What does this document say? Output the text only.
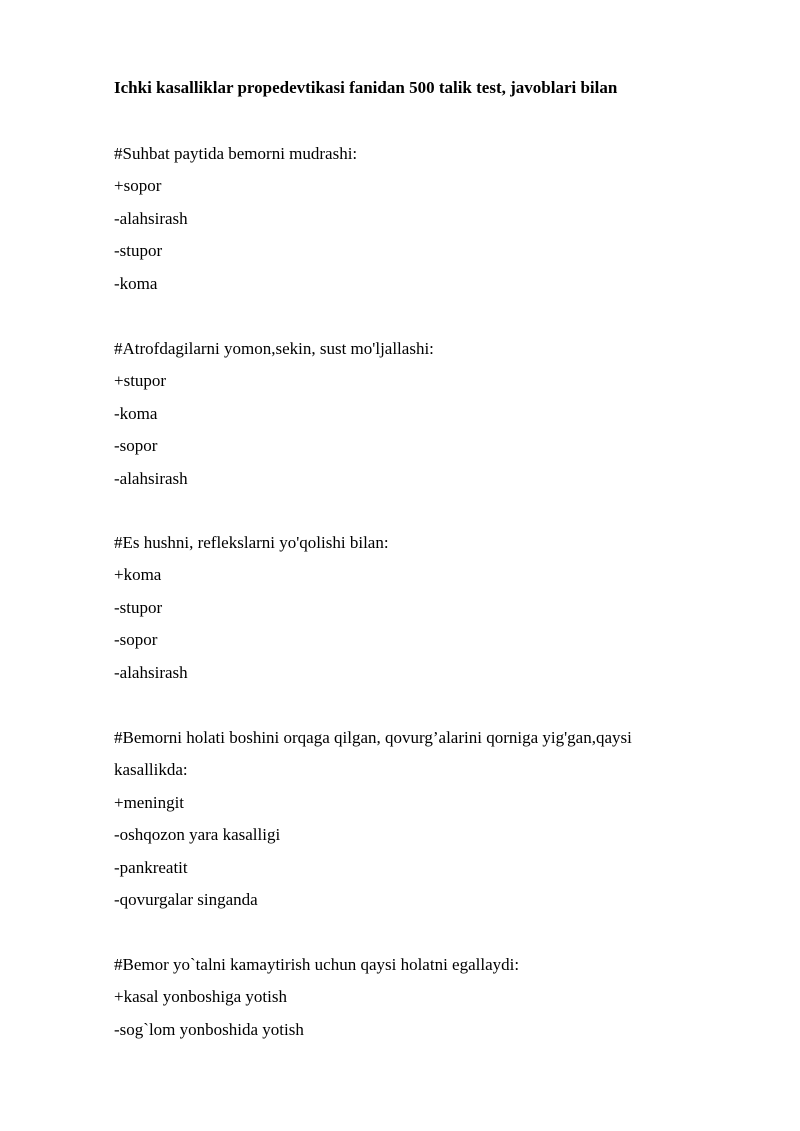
Ichki kasalliklar propedevtikasi fanidan 500 talik test, javoblari bilan
#Suhbat paytida bemorni mudrashi:
+sopor
-alahsirash
-stupor
-koma
#Atrofdagilarni yomon,sekin, sust mo'ljallashi:
+stupor
-koma
-sopor
-alahsirash
#Es hushni, reflekslarni yo'qolishi bilan:
+koma
-stupor
-sopor
-alahsirash
#Bemorni holati boshini orqaga qilgan, qovurg’alarini qorniga yig'gan,qaysi kasallikda:
+meningit
-oshqozon yara kasalligi
-pankreatit
-qovurgalar singanda
#Bemor yo`talni kamaytirish uchun qaysi holatni egallaydi:
+kasal yonboshiga yotish
-sog`lom yonboshida yotish
